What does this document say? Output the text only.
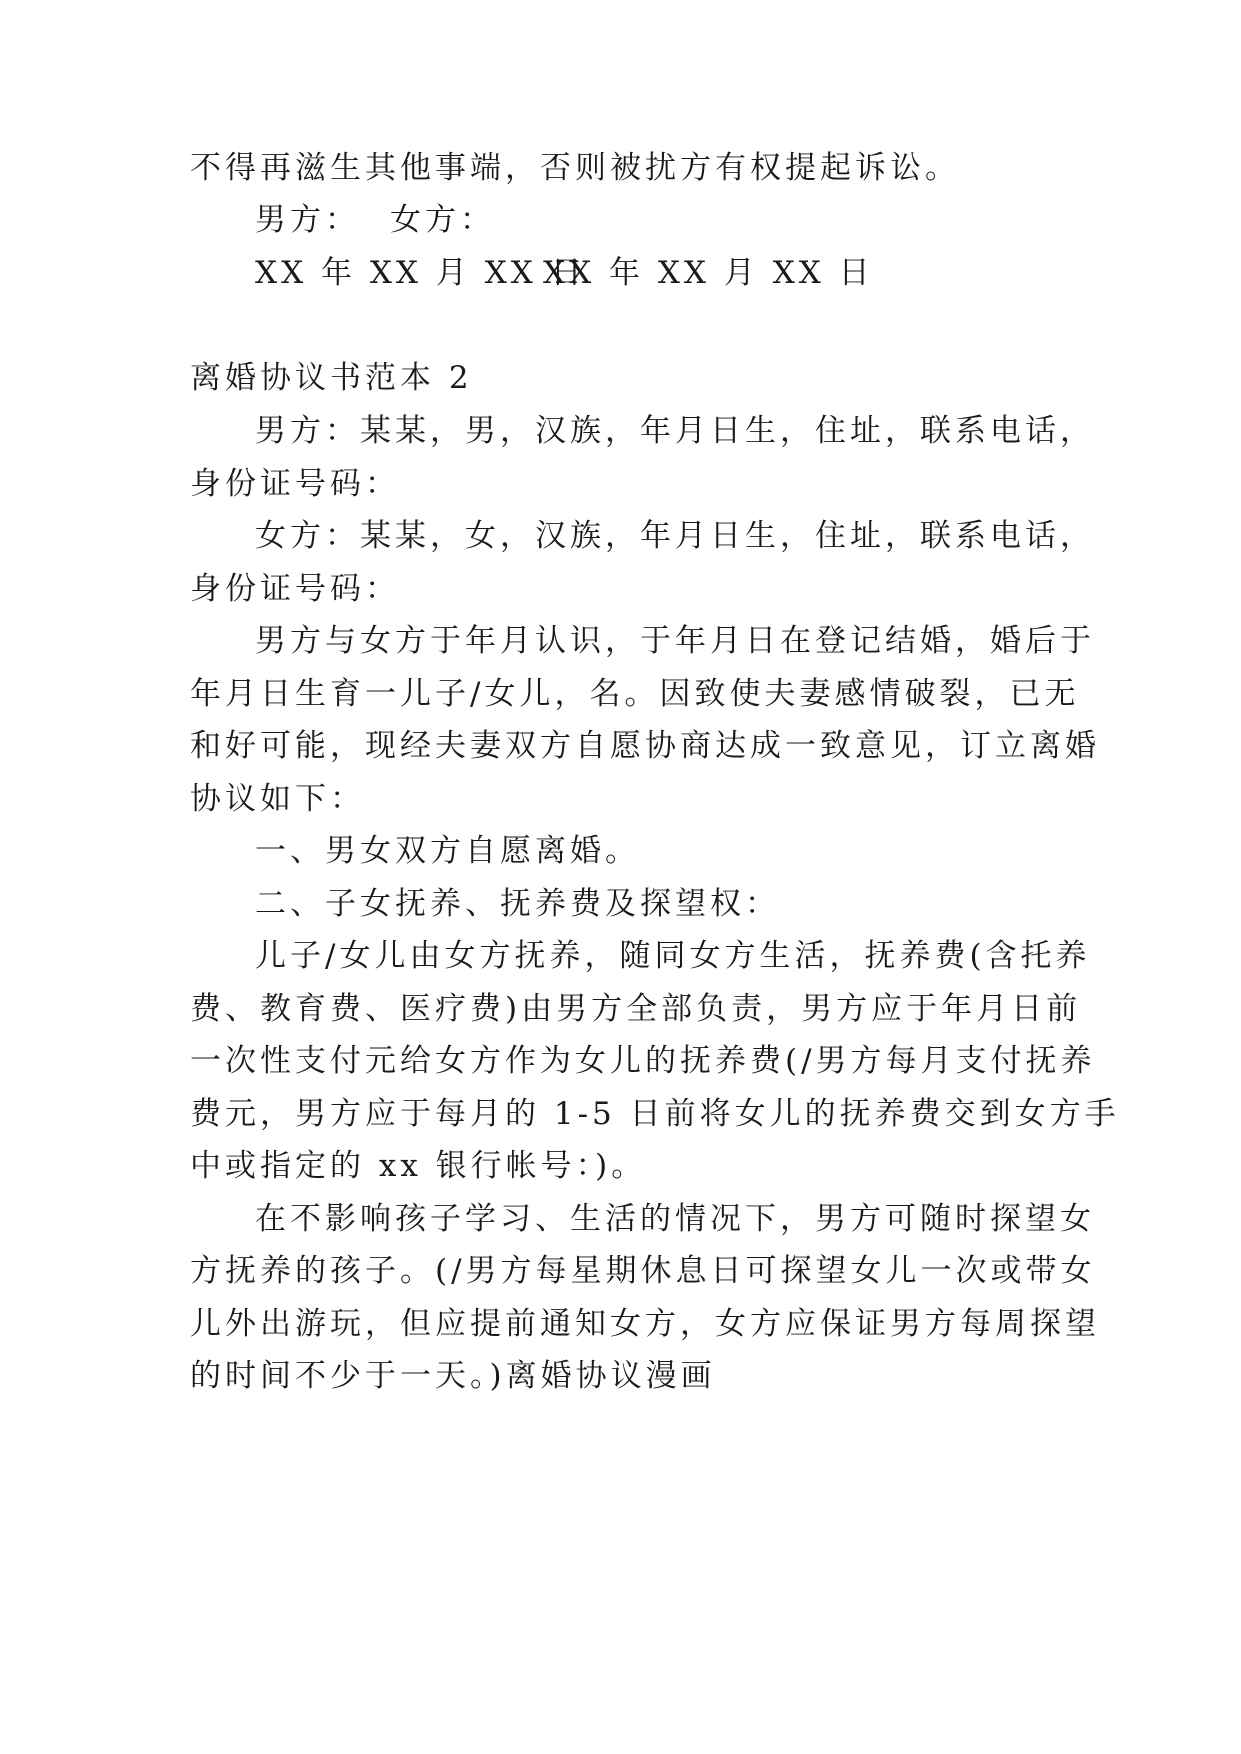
不得再滋生其他事端，否则被扰方有权提起诉讼。
男方： 女方：
XX 年 XX 月 XX 日
XX 年 XX 月 XX 日
离婚协议书范本 2
男方：某某，男，汉族，年月日生，住址，联系电话，
身份证号码：
女方：某某，女，汉族，年月日生，住址，联系电话，
身份证号码：
男方与女方于年月认识，于年月日在登记结婚，婚后于
年月日生育一儿子/女儿，名。因致使夫妻感情破裂，已无
和好可能，现经夫妻双方自愿协商达成一致意见，订立离婚
协议如下：
一、男女双方自愿离婚。
二、子女抚养、抚养费及探望权：
儿子/女儿由女方抚养，随同女方生活，抚养费(含托养
费、教育费、医疗费)由男方全部负责，男方应于年月日前
一次性支付元给女方作为女儿的抚养费(/男方每月支付抚养
费元，男方应于每月的 1-5 日前将女儿的抚养费交到女方手
中或指定的 xx 银行帐号：)。
在不影响孩子学习、生活的情况下，男方可随时探望女
方抚养的孩子。(/男方每星期休息日可探望女儿一次或带女
儿外出游玩，但应提前通知女方，女方应保证男方每周探望
的时间不少于一天。)离婚协议漫画
